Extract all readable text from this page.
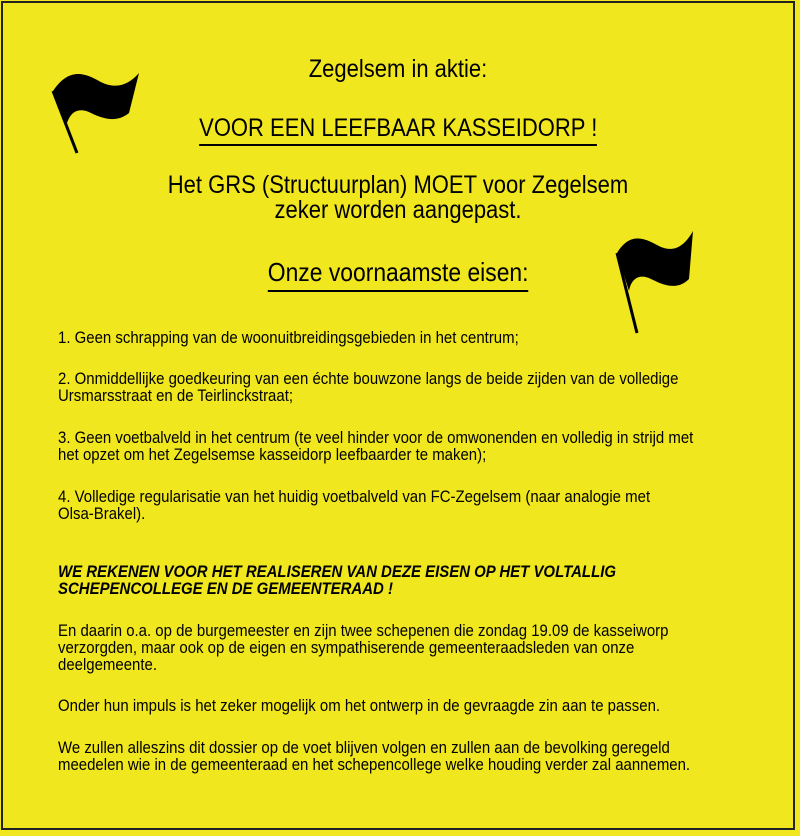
Zegelsem in aktie:
VOOR EEN LEEFBAAR KASSEIDORP !
Het GRS (Structuurplan) MOET voor Zegelsem
zeker worden aangepast.
Onze voornaamste eisen:
1. Geen schrapping van de woonuitbreidingsgebieden in het centrum;
2. Onmiddellijke goedkeuring van een échte bouwzone langs de beide zijden van de volledige
Ursmarsstraat en de Teirlinckstraat;
3. Geen voetbalveld in het centrum (te veel hinder voor de omwonenden en volledig in strijd met
het opzet om het Zegelsemse kasseidorp leefbaarder te maken);
4. Volledige regularisatie van het huidig voetbalveld van FC-Zegelsem (naar analogie met
Olsa-Brakel).
WE REKENEN VOOR HET REALISEREN VAN DEZE EISEN OP HET VOLTALLIG
SCHEPENCOLLEGE EN DE GEMEENTERAAD !
En daarin o.a. op de burgemeester en zijn twee schepenen die zondag 19.09 de kasseiworp
verzorgden, maar ook op de eigen en sympathiserende gemeenteraadsleden van onze
deelgemeente.
Onder hun impuls is het zeker mogelijk om het ontwerp in de gevraagde zin aan te passen.
We zullen alleszins dit dossier op de voet blijven volgen en zullen aan de bevolking geregeld
meedelen wie in de gemeenteraad en het schepencollege welke houding verder zal aannemen.
